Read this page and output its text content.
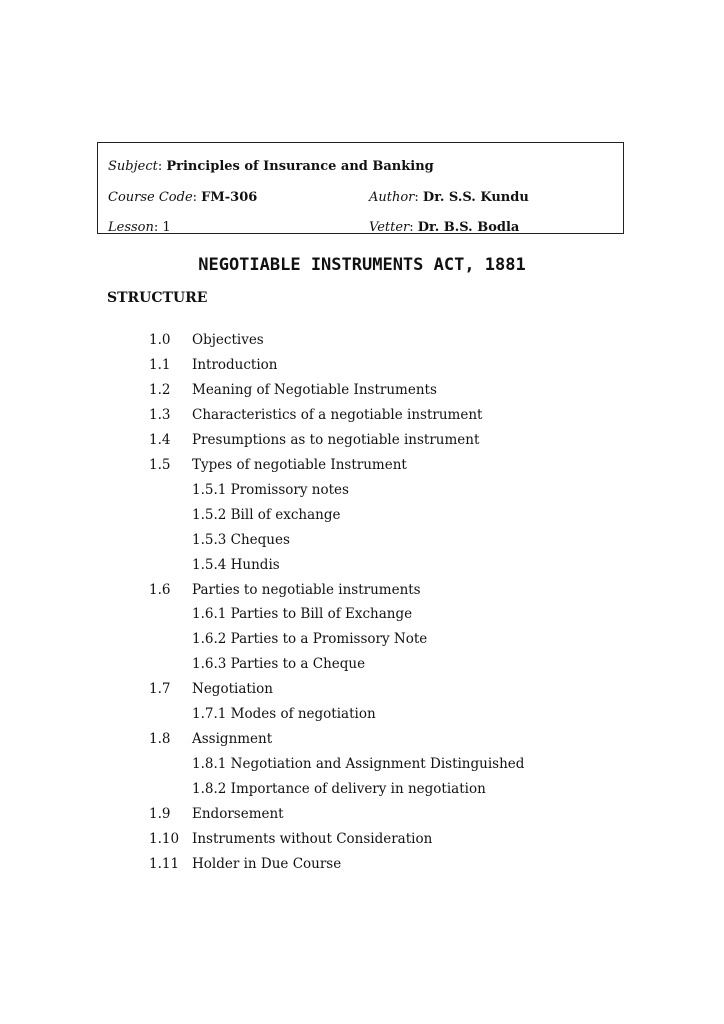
Subject: Principles of Insurance and Banking
Course Code: FM-306	Author: Dr. S.S. Kundu
Lesson: 1	Vetter: Dr. B.S. Bodla
NEGOTIABLE INSTRUMENTS ACT, 1881
STRUCTURE
1.0 Objectives
1.1 Introduction
1.2 Meaning of Negotiable Instruments
1.3 Characteristics of a negotiable instrument
1.4 Presumptions as to negotiable instrument
1.5 Types of negotiable Instrument
1.5.1 Promissory notes
1.5.2 Bill of exchange
1.5.3 Cheques
1.5.4 Hundis
1.6 Parties to negotiable instruments
1.6.1 Parties to Bill of Exchange
1.6.2 Parties to a Promissory Note
1.6.3 Parties to a Cheque
1.7 Negotiation
1.7.1 Modes of negotiation
1.8 Assignment
1.8.1 Negotiation and Assignment Distinguished
1.8.2 Importance of delivery in negotiation
1.9 Endorsement
1.10 Instruments without Consideration
1.11 Holder in Due Course
